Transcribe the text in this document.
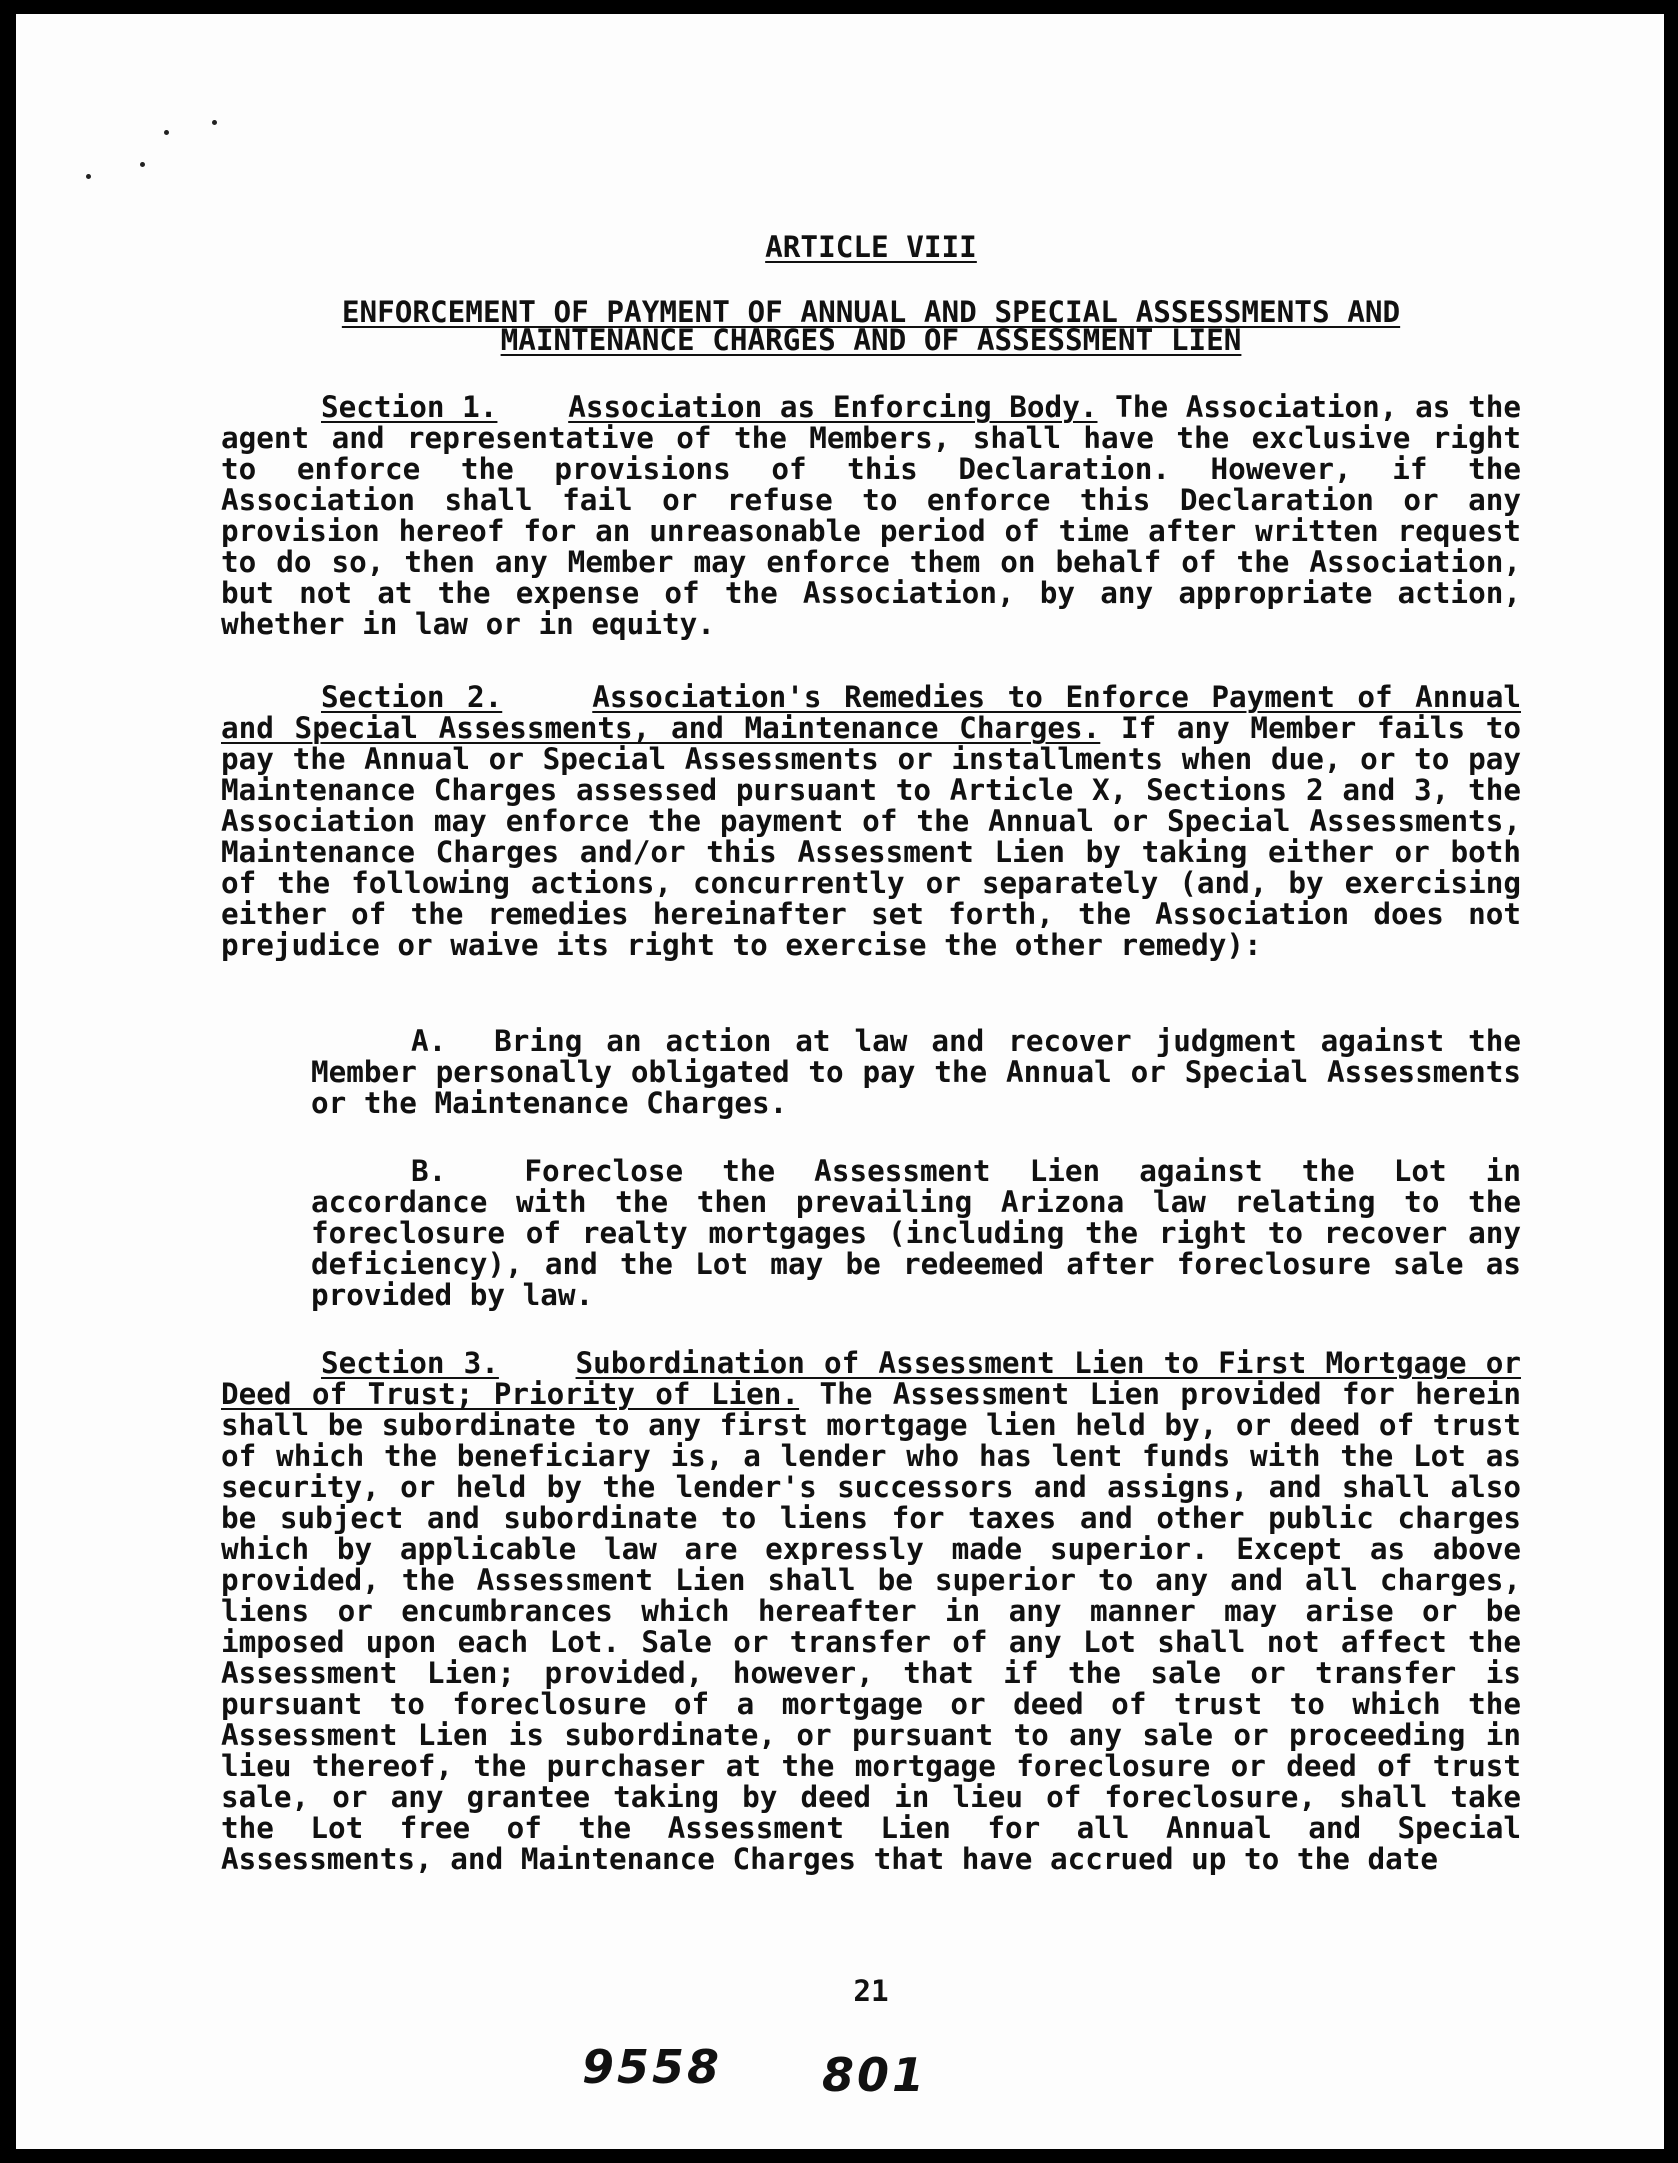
ARTICLE VIII
ENFORCEMENT OF PAYMENT OF ANNUAL AND SPECIAL ASSESSMENTS AND
MAINTENANCE CHARGES AND OF ASSESSMENT LIEN
Section 1. Association as Enforcing Body. The Association, as the agent and representative of the Members, shall have the exclusive right to enforce the provisions of this Declaration. However, if the Association shall fail or refuse to enforce this Declaration or any provision hereof for an unreasonable period of time after written request to do so, then any Member may enforce them on behalf of the Association, but not at the expense of the Association, by any appropriate action, whether in law or in equity.
Section 2.	Association's Remedies to Enforce Payment of Annual and Special Assessments, and Maintenance Charges. If any Member fails to pay the Annual or Special Assessments or installments when due, or to pay Maintenance Charges assessed pursuant to Article X, Sections 2 and 3, the Association may enforce the payment of the Annual or Special Assessments, Maintenance Charges and/or this Assessment Lien by taking either or both of the following actions, concurrently or separately (and, by exercising either of the remedies hereinafter set forth, the Association does not prejudice or waive its right to exercise the other remedy):
A. Bring an action at law and recover judgment against the Member personally obligated to pay the Annual or Special Assessments or the Maintenance Charges.
B.	Foreclose the Assessment Lien against the Lot in accordance with the then prevailing Arizona law relating to the foreclosure of realty mortgages (including the right to recover any deficiency), and the Lot may be redeemed after foreclosure sale as provided by law.
Section 3.	Subordination of Assessment Lien to First Mortgage or Deed of Trust; Priority of Lien. The Assessment Lien provided for herein shall be subordinate to any first mortgage lien held by, or deed of trust of which the beneficiary is, a lender who has lent funds with the Lot as security, or held by the lender's successors and assigns, and shall also be subject and subordinate to liens for taxes and other public charges which by applicable law are expressly made superior. Except as above provided, the Assessment Lien shall be superior to any and all charges, liens or encumbrances which hereafter in any manner may arise or be imposed upon each Lot. Sale or transfer of any Lot shall not affect the Assessment Lien; provided, however, that if the sale or transfer is pursuant to foreclosure of a mortgage or deed of trust to which the Assessment Lien is subordinate, or pursuant to any sale or proceeding in lieu thereof, the purchaser at the mortgage foreclosure or deed of trust sale, or any grantee taking by deed in lieu of foreclosure, shall take the Lot free of the Assessment Lien for all Annual and Special Assessments, and Maintenance Charges that have accrued up to the date
21
9558 801
